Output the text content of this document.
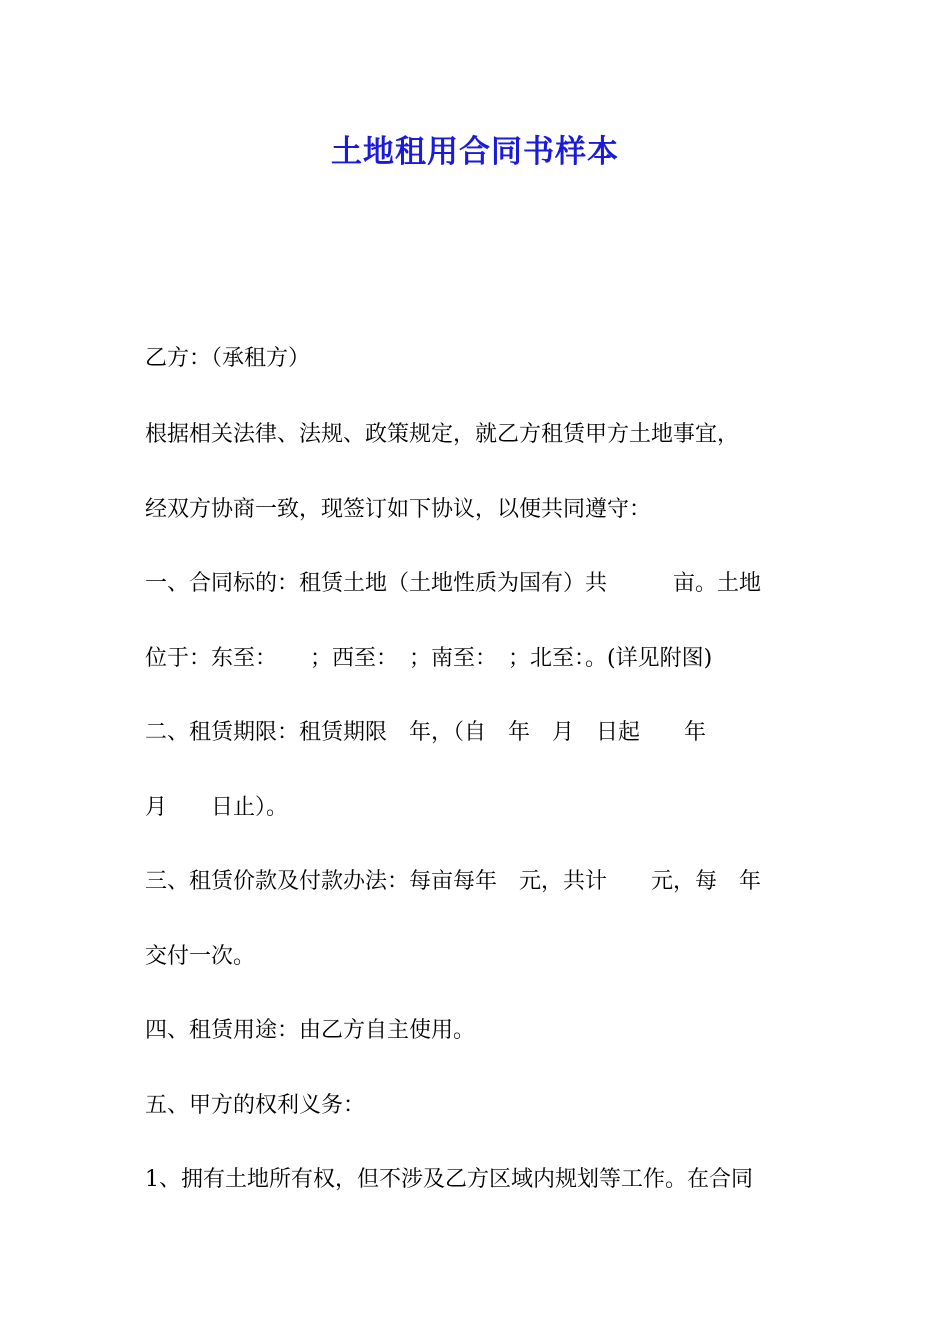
土地租用合同书样本
乙方：（承租方）
根据相关法律、法规、政策规定，就乙方租赁甲方土地事宜，
经双方协商一致，现签订如下协议，以便共同遵守：
一、合同标的：租赁土地（土地性质为国有）共　　　亩。土地
位于：东至：　　；西至：　；南至：　；北至：。(详见附图)
二、租赁期限：租赁期限　年，（自　年　月　日起　　年
月　　日止）。
三、租赁价款及付款办法：每亩每年　元，共计　　元，每　年
交付一次。
四、租赁用途：由乙方自主使用。
五、甲方的权利义务：
1、拥有土地所有权，但不涉及乙方区域内规划等工作。在合同
